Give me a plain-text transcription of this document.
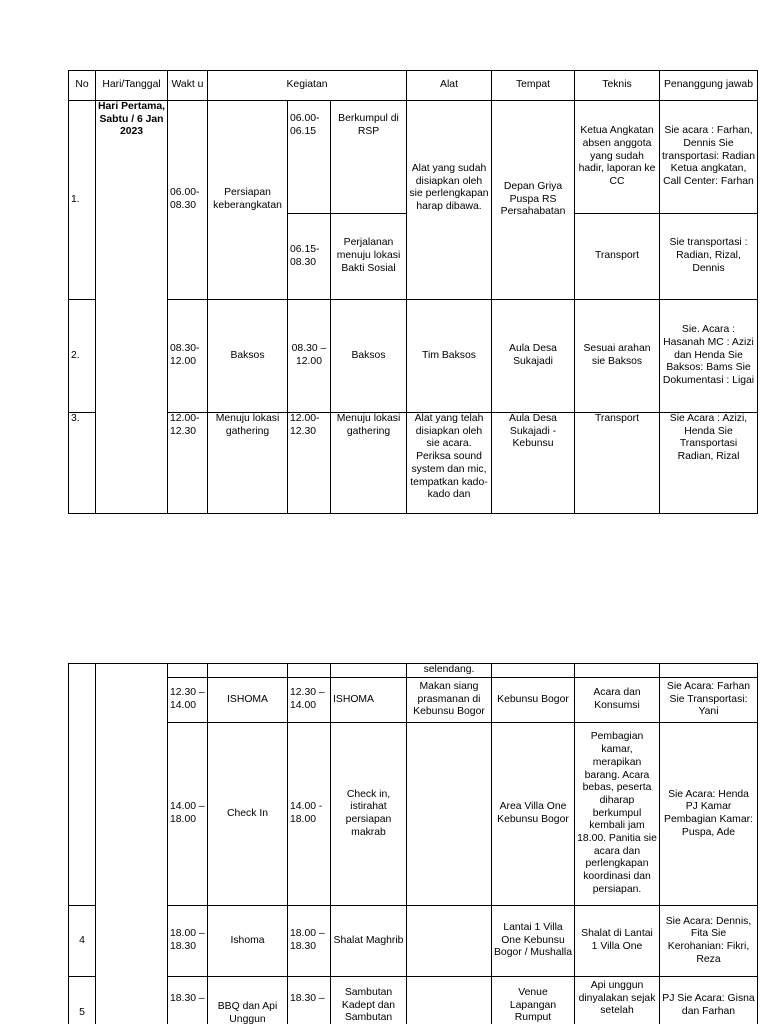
No	Hari/Tanggal	Wakt u	Kegiatan			Alat	Tempat	Teknis	Penanggung jawab
1.	Hari Pertama, Sabtu / 6 Jan 2023	06.00- 08.30	Persiapan keberangkatan	06.00- 06.15	Berkumpul di RSP	Alat yang sudah disiapkan oleh sie perlengkapan harap dibawa.	Depan Griya Puspa RS Persahabatan	Ketua Angkatan absen anggota yang sudah hadir, laporan ke CC	Sie acara : Farhan, Dennis Sie transportasi: Radian Ketua angkatan, Call Center: Farhan
				06.15- 08.30	Perjalanan menuju lokasi Bakti Sosial			Transport	Sie transportasi : Radian, Rizal, Dennis
2.		08.30- 12.00	Baksos	08.30 – 12.00	Baksos	Tim Baksos	Aula Desa Sukajadi	Sesuai arahan sie Baksos	Sie. Acara : Hasanah MC : Azizi dan Henda Sie Baksos: Bams Sie Dokumentasi : Ligai
3.		12.00- 12.30	Menuju lokasi gathering	12.00- 12.30	Menuju lokasi gathering	Alat yang telah disiapkan oleh sie acara. Periksa sound system dan mic, tempatkan kado-kado dan	Aula Desa Sukajadi - Kebunsu	Transport	Sie Acara : Azizi, Henda Sie Transportasi Radian, Rizal
						selendang.			
		12.30 – 14.00	ISHOMA	12.30 – 14.00	ISHOMA	Makan siang prasmanan di Kebunsu Bogor	Kebunsu Bogor	Acara dan Konsumsi	Sie Acara: Farhan Sie Transportasi: Yani
		14.00 – 18.00	Check In	14.00 - 18.00	Check in, istirahat persiapan makrab		Area Villa One Kebunsu Bogor	Pembagian kamar, merapikan barang. Acara bebas, peserta diharap berkumpul kembali jam 18.00. Panitia sie acara dan perlengkapan koordinasi dan persiapan.	Sie Acara: Henda PJ Kamar Pembagian Kamar: Puspa, Ade
4		18.00 – 18.30	Ishoma	18.00 – 18.30	Shalat Maghrib		Lantai 1 Villa One Kebunsu Bogor / Mushalla	Shalat di Lantai 1 Villa One	Sie Acara: Dennis, Fita Sie Kerohanian: Fikri, Reza
5		18.30 –	BBQ dan Api Unggun	18.30 –	Sambutan Kadept dan Sambutan		Venue Lapangan Rumput	Api unggun dinyalakan sejak setelah	PJ Sie Acara: Gisna dan Farhan
